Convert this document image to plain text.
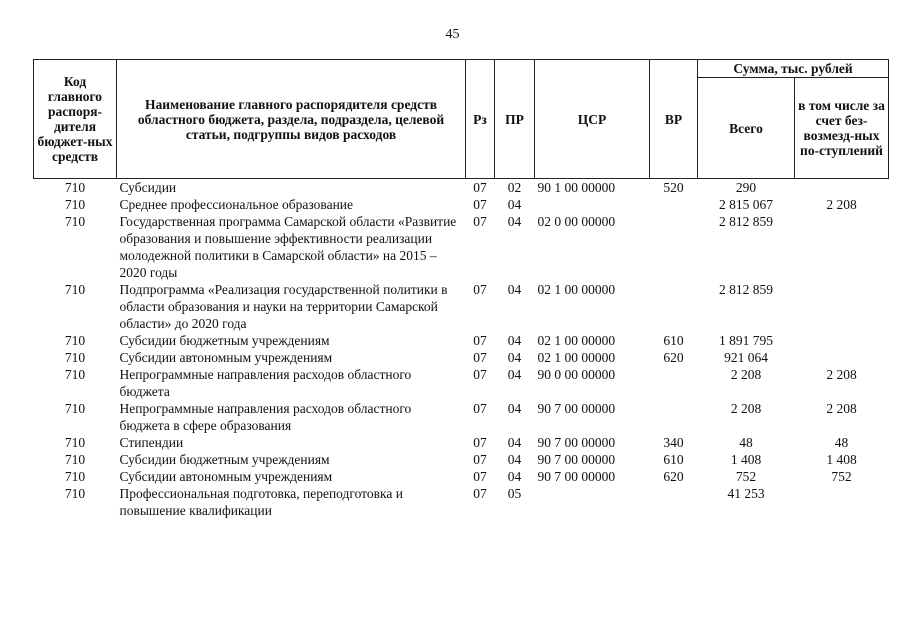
45
Код главного распоря-дителя бюджет-ных средств	Наименование главного распорядителя средств областного бюджета, раздела, подраздела, целевой статьи, подгруппы видов расходов	Рз	ПР	ЦСР	ВР	Сумма, тыс. рублей	
						Всего	в том числе за счет без-возмезд-ных по-ступлений
710	Субсидии	07	02	90 1 00 00000	520	290	
710	Среднее профессиональное образование	07	04			2 815 067	2 208
710	Государственная программа Самарской области «Развитие образования и повышение эффективности реализации молодежной политики в Самарской области» на 2015 – 2020 годы	07	04	02 0 00 00000		2 812 859	
710	Подпрограмма «Реализация государственной политики в области образования и науки на территории Самарской области» до 2020 года	07	04	02 1 00 00000		2 812 859	
710	Субсидии бюджетным учреждениям	07	04	02 1 00 00000	610	1 891 795	
710	Субсидии автономным учреждениям	07	04	02 1 00 00000	620	921 064	
710	Непрограммные направления расходов областного бюджета	07	04	90 0 00 00000		2 208	2 208
710	Непрограммные направления расходов областного бюджета в сфере образования	07	04	90 7 00 00000		2 208	2 208
710	Стипендии	07	04	90 7 00 00000	340	48	48
710	Субсидии бюджетным учреждениям	07	04	90 7 00 00000	610	1 408	1 408
710	Субсидии автономным учреждениям	07	04	90 7 00 00000	620	752	752
710	Профессиональная подготовка, переподготовка и повышение квалификации	07	05			41 253	
